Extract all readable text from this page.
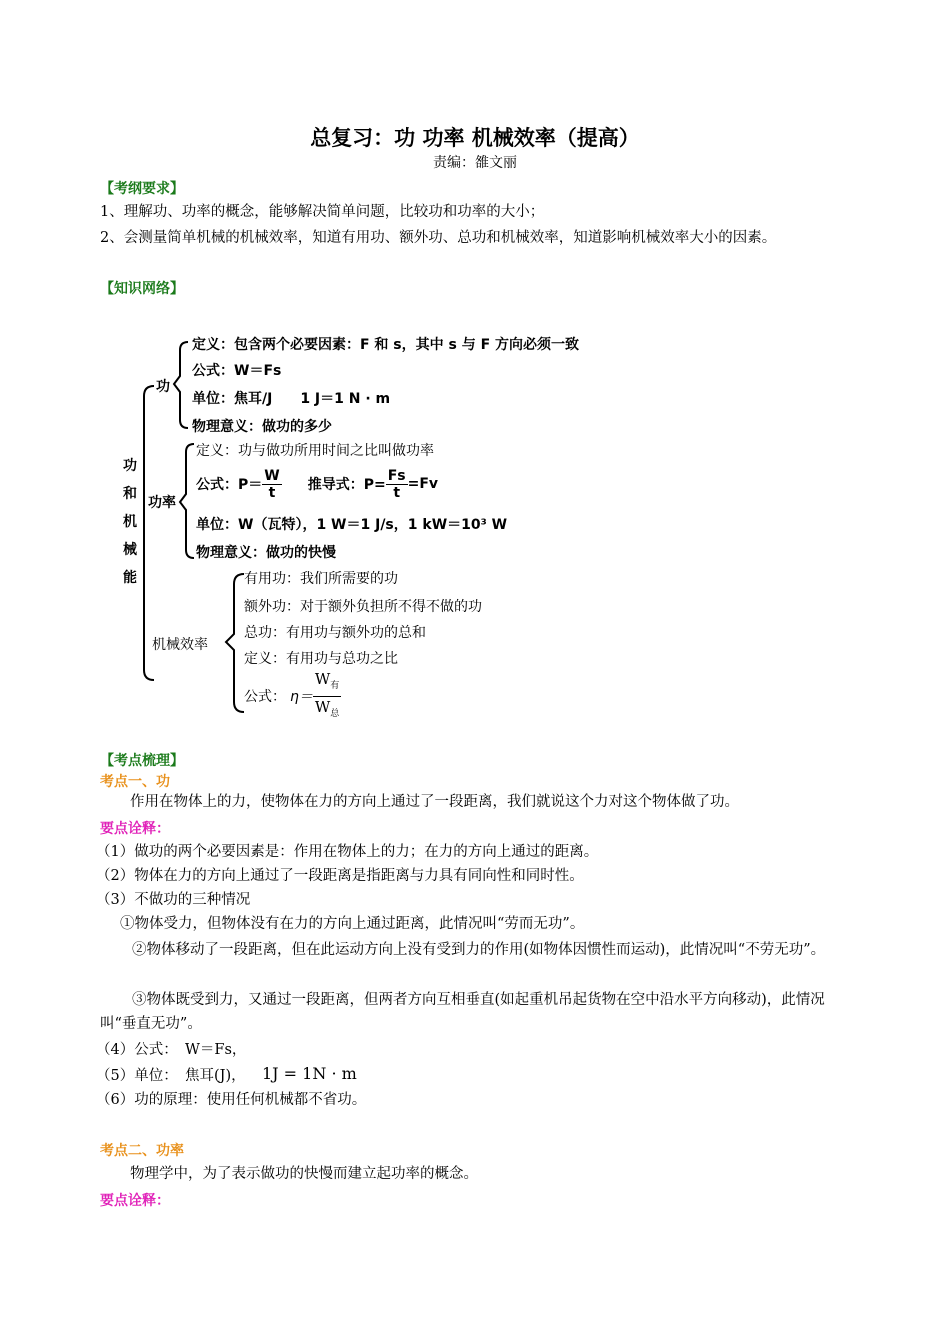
总复习：功 功率 机械效率（提高）
责编：雒文丽
【考纲要求】
1、理解功、功率的概念，能够解决简单问题，比较功和功率的大小；
2、会测量简单机械的机械效率，知道有用功、额外功、总功和机械效率，知道影响机械效率大小的因素。
【知识网络】
功
和
机
械
能
功
定义：包含两个必要因素：F 和 s，其中 s 与 F 方向必须一致
公式：W＝Fs
单位：焦耳/J　　1 J＝1 N · m
物理意义：做功的多少
功率
定义：功与做功所用时间之比叫做功率
公式：$P= \frac{W}{t}$ 推导式：$P= \frac{Fs}{t} =Fv$
单位：W（瓦特），1 W＝1 J/s，1 kW＝10³ W
物理意义：做功的快慢
机械效率
有用功：我们所需要的功
额外功：对于额外负担所不得不做的功
总功：有用功与额外功的总和
定义：有用功与总功之比
公式： $\eta= \frac{W_有}{W_总}$
【考点梳理】
考点一、功
作用在物体上的力，使物体在力的方向上通过了一段距离，我们就说这个力对这个物体做了功。
要点诠释：
（1）做功的两个必要因素是：作用在物体上的力；在力的方向上通过的距离。
（2）物体在力的方向上通过了一段距离是指距离与力具有同向性和同时性。
（3）不做功的三种情况
①物体受力，但物体没有在力的方向上通过距离，此情况叫“劳而无功”。
②物体移动了一段距离，但在此运动方向上没有受到力的作用(如物体因惯性而运动)，此情况叫“不劳无功”。
③物体既受到力，又通过一段距离，但两者方向互相垂直(如起重机吊起货物在空中沿水平方向移动)，此情况叫“垂直无功”。
（4）公式：　W＝Fs，
（5）单位：　焦耳(J)，	1J = 1N · m
（6）功的原理：使用任何机械都不省功。
考点二、功率
物理学中，为了表示做功的快慢而建立起功率的概念。
要点诠释：
